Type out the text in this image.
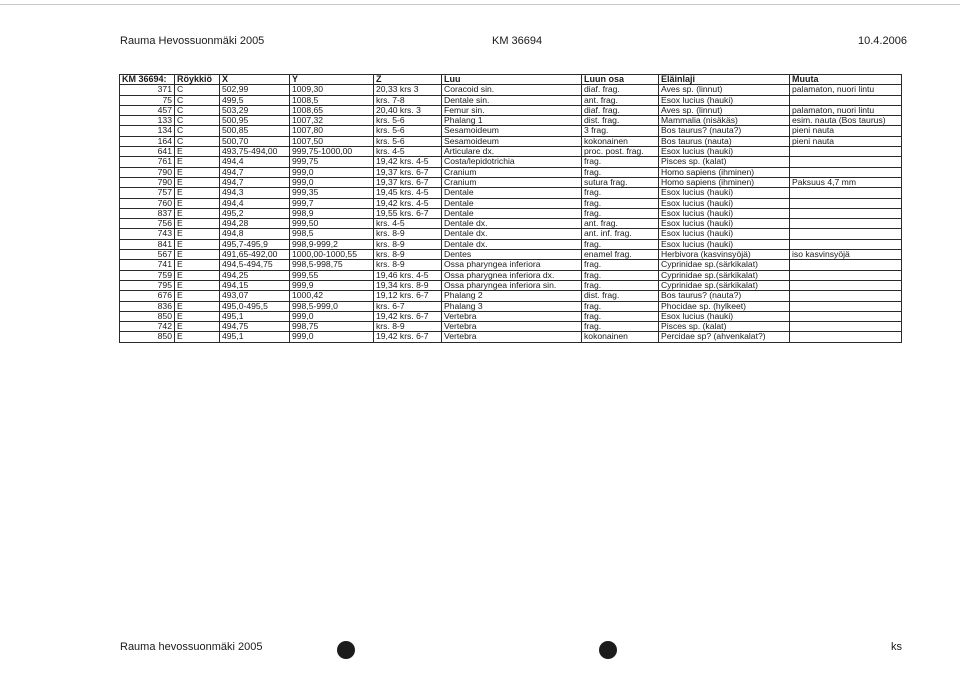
Rauma Hevossuonmäki 2005	KM 36694	10.4.2006
KM 36694:	Röykkiö	X	Y	Z	Luu	Luun osa	Eläinlaji	Muuta
371	C	502,99	1009,30	20,33 krs 3	Coracoid sin.	diaf. frag.	Aves sp. (linnut)	palamaton, nuori lintu
75	C	499,5	1008,5	krs. 7-8	Dentale sin.	ant. frag.	Esox lucius (hauki)	
457	C	503,29	1008,65	20,40 krs. 3	Femur sin.	diaf. frag.	Aves sp. (linnut)	palamaton, nuori lintu
133	C	500,95	1007,32	krs. 5-6	Phalang 1	dist. frag.	Mammalia (nisäkäs)	esim. nauta (Bos taurus)
134	C	500,85	1007,80	krs. 5-6	Sesamoideum	3 frag.	Bos taurus? (nauta?)	pieni nauta
164	C	500,70	1007,50	krs. 5-6	Sesamoideum	kokonainen	Bos taurus (nauta)	pieni nauta
641	E	493,75-494,00	999,75-1000,00	krs. 4-5	Articulare dx.	proc. post. frag.	Esox lucius (hauki)	
761	E	494,4	999,75	19,42 krs. 4-5	Costa/lepidotrichia	frag.	Pisces sp. (kalat)	
790	E	494,7	999,0	19,37 krs. 6-7	Cranium	frag.	Homo sapiens (ihminen)	
790	E	494,7	999,0	19,37 krs. 6-7	Cranium	sutura frag.	Homo sapiens (ihminen)	Paksuus 4,7 mm
757	E	494,3	999,35	19,45 krs. 4-5	Dentale	frag.	Esox lucius (hauki)	
760	E	494,4	999,7	19,42 krs. 4-5	Dentale	frag.	Esox lucius (hauki)	
837	E	495,2	998,9	19,55 krs. 6-7	Dentale	frag.	Esox lucius (hauki)	
756	E	494,28	999,50	krs. 4-5	Dentale dx.	ant. frag.	Esox lucius (hauki)	
743	E	494,8	998,5	krs. 8-9	Dentale dx.	ant. inf. frag.	Esox lucius (hauki)	
841	E	495,7-495,9	998,9-999,2	krs. 8-9	Dentale dx.	frag.	Esox lucius (hauki)	
567	E	491,65-492,00	1000,00-1000,55	krs. 8-9	Dentes	enamel frag.	Herbivora (kasvinsyöjä)	iso kasvinsyöjä
741	E	494,5-494,75	998,5-998,75	krs. 8-9	Ossa pharyngea inferiora	frag.	Cyprinidae sp.(särkikalat)	
759	E	494,25	999,55	19,46 krs. 4-5	Ossa pharygnea inferiora dx.	frag.	Cyprinidae sp.(särkikalat)	
795	E	494,15	999,9	19,34 krs. 8-9	Ossa pharyngea inferiora sin.	frag.	Cyprinidae sp.(särkikalat)	
676	E	493,07	1000,42	19,12 krs. 6-7	Phalang 2	dist. frag.	Bos taurus? (nauta?)	
836	E	495,0-495,5	998,5-999,0	krs. 6-7	Phalang 3	frag.	Phocidae sp. (hylkeet)	
850	E	495,1	999,0	19,42 krs. 6-7	Vertebra	frag.	Esox lucius (hauki)	
742	E	494,75	998,75	krs. 8-9	Vertebra	frag.	Pisces sp. (kalat)	
850	E	495,1	999,0	19,42 krs. 6-7	Vertebra	kokonainen	Percidae sp? (ahvenkalat?)	
Rauma hevossuonmäki 2005	ks
